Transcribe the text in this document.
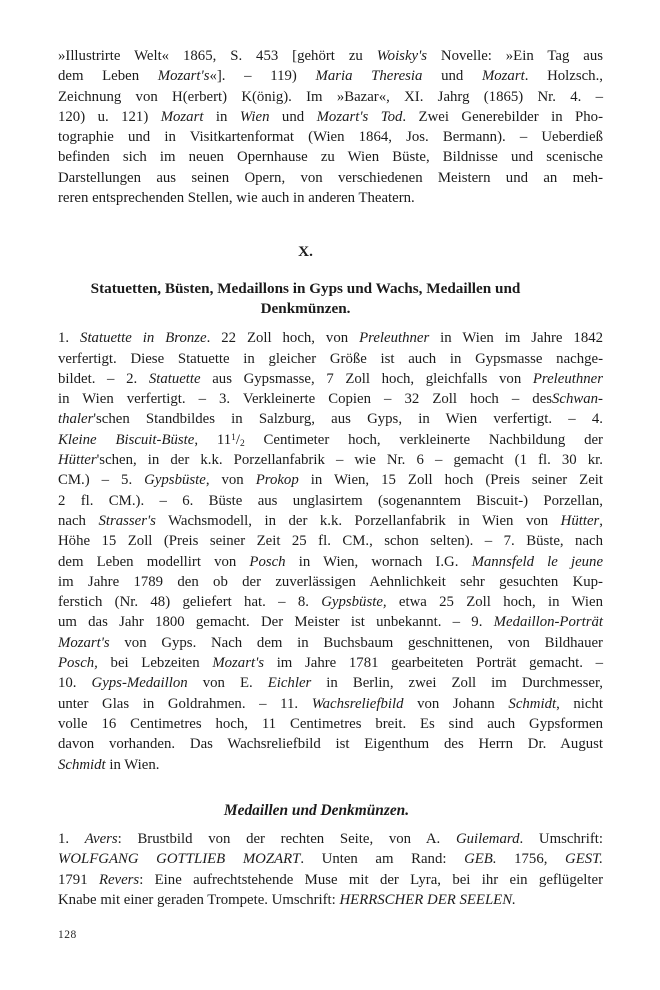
»Illustrirte Welt« 1865, S. 453 [gehört zu Woisky's Novelle: »Ein Tag aus
dem Leben Mozart's«]. – 119) Maria Theresia und Mozart. Holzsch.,
Zeichnung von H(erbert) K(önig). Im »Bazar«, XI. Jahrg (1865) Nr. 4. –
120) u. 121) Mozart in Wien und Mozart's Tod. Zwei Generebilder in Pho-
tographie und in Visitkartenformat (Wien 1864, Jos. Bermann). – Ueberdieß
befinden sich im neuen Opernhause zu Wien Büste, Bildnisse und scenische
Darstellungen aus seinen Opern, von verschiedenen Meistern und an meh-
reren entsprechenden Stellen, wie auch in anderen Theatern.
X.
Statuetten, Büsten, Medaillons in Gyps und Wachs, Medaillen und
Denkmünzen.
1. Statuette in Bronze. 22 Zoll hoch, von Preleuthner in Wien im Jahre 1842
verfertigt. Diese Statuette in gleicher Größe ist auch in Gypsmasse nachge-
bildet. – 2. Statuette aus Gypsmasse, 7 Zoll hoch, gleichfalls von Preleuthner
in Wien verfertigt. – 3. Verkleinerte Copien – 32 Zoll hoch – desSchwan-
thaler'schen Standbildes in Salzburg, aus Gyps, in Wien verfertigt. – 4.
Kleine Biscuit-Büste, $11^1/_2$ Centimeter hoch, verkleinerte Nachbildung der
Hütter'schen, in der k.k. Porzellanfabrik – wie Nr. 6 – gemacht (1 fl. 30 kr.
CM.) – 5. Gypsbüste, von Prokop in Wien, 15 Zoll hoch (Preis seiner Zeit
2 fl. CM.). – 6. Büste aus unglasirtem (sogenanntem Biscuit-) Porzellan,
nach Strasser's Wachsmodell, in der k.k. Porzellanfabrik in Wien von Hütter,
Höhe 15 Zoll (Preis seiner Zeit 25 fl. CM., schon selten). – 7. Büste, nach
dem Leben modellirt von Posch in Wien, wornach I.G. Mannsfeld le jeune
im Jahre 1789 den ob der zuverlässigen Aehnlichkeit sehr gesuchten Kup-
ferstich (Nr. 48) geliefert hat. – 8. Gypsbüste, etwa 25 Zoll hoch, in Wien
um das Jahr 1800 gemacht. Der Meister ist unbekannt. – 9. Medaillon-Porträt
Mozart's von Gyps. Nach dem in Buchsbaum geschnittenen, von Bildhauer
Posch, bei Lebzeiten Mozart's im Jahre 1781 gearbeiteten Porträt gemacht. –
10. Gyps-Medaillon von E. Eichler in Berlin, zwei Zoll im Durchmesser,
unter Glas in Goldrahmen. – 11. Wachsreliefbild von Johann Schmidt, nicht
volle 16 Centimetres hoch, 11 Centimetres breit. Es sind auch Gypsformen
davon vorhanden. Das Wachsreliefbild ist Eigenthum des Herrn Dr. August
Schmidt in Wien.
Medaillen und Denkmünzen.
1. Avers: Brustbild von der rechten Seite, von A. Guilemard. Umschrift:
WOLFGANG GOTTLIEB MOZART. Unten am Rand: GEB. 1756, GEST.
1791 Revers: Eine aufrechtstehende Muse mit der Lyra, bei ihr ein geflügelter
Knabe mit einer geraden Trompete. Umschrift: HERRSCHER DER SEELEN.
128
